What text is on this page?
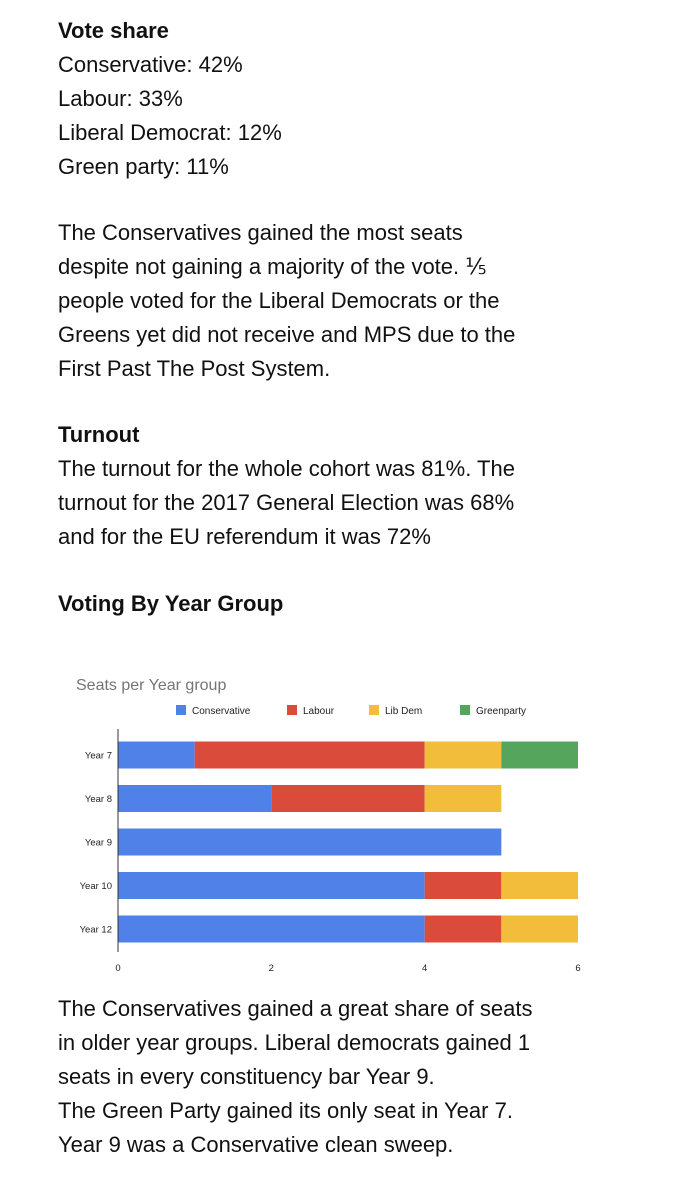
Vote share

Conservative: 42%

Labour: 33%

Liberal Democrat: 12%

Green party: 11%

The Conservatives gained the most seats
despite not gaining a majority of the vote. ⅕
people voted for the Liberal Democrats or the
Greens yet did not receive and MPS due to the
First Past The Post System.

Turnout

The turnout for the whole cohort was 81%. The
turnout for the 2017 General Election was 68%
and for the EU referendum it was 72%

Voting By Year Group

Seats per Year group
Conservative	Labour	Lib Dem	Greenparty
Year 7
Year 8
Year 9
Year 10
Year 12
0	2	4	6

The Conservatives gained a great share of seats
in older year groups. Liberal democrats gained 1
seats in every constituency bar Year 9.
The Green Party gained its only seat in Year 7.
Year 9 was a Conservative clean sweep.
